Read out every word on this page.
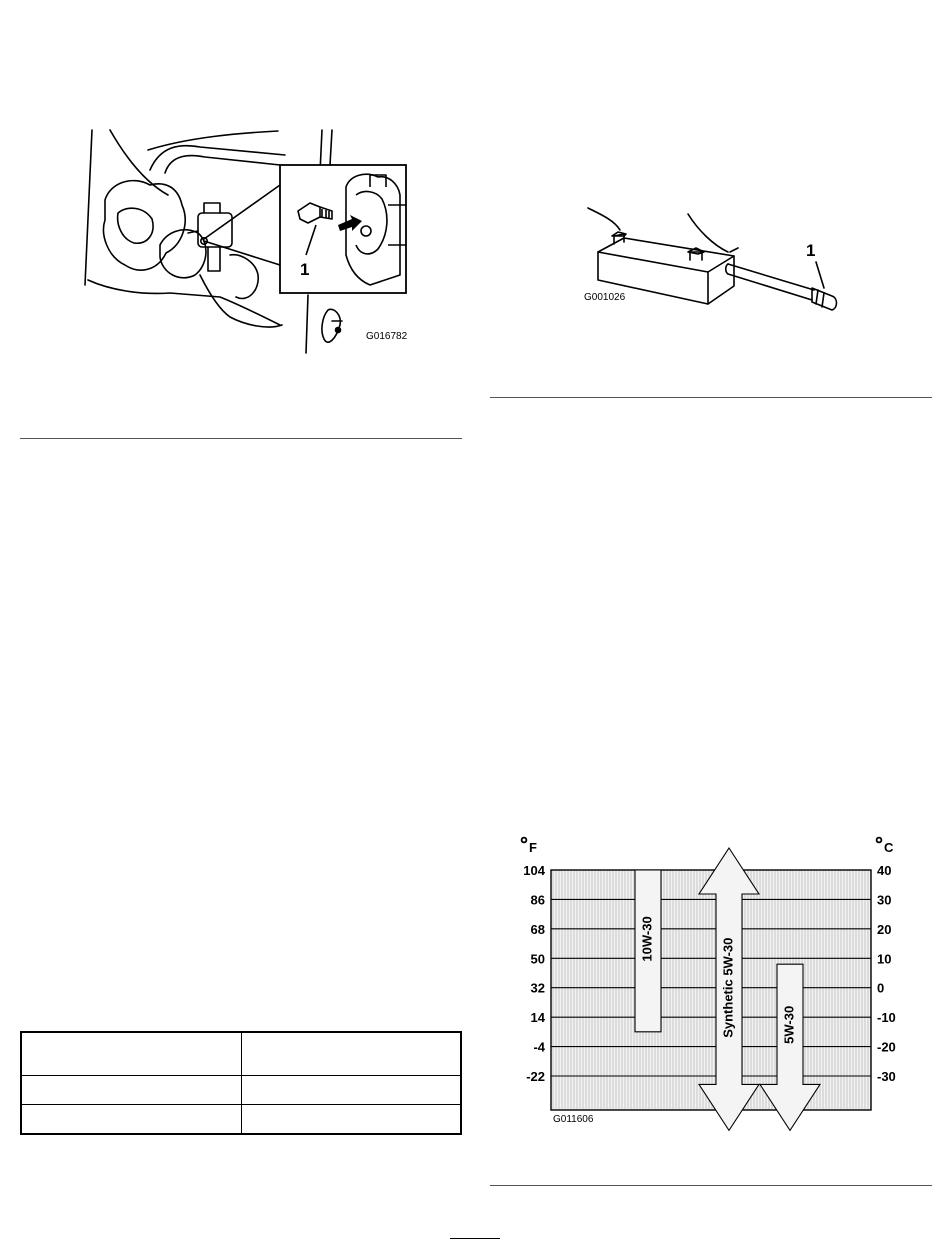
1
G016782
1
G001026
10W-30	Synthetic 5W-30	5W-30
104
86
68
50
32
14
-4
-22
40
30
20
10
0
-10
-20
-30
F	C
G011606
